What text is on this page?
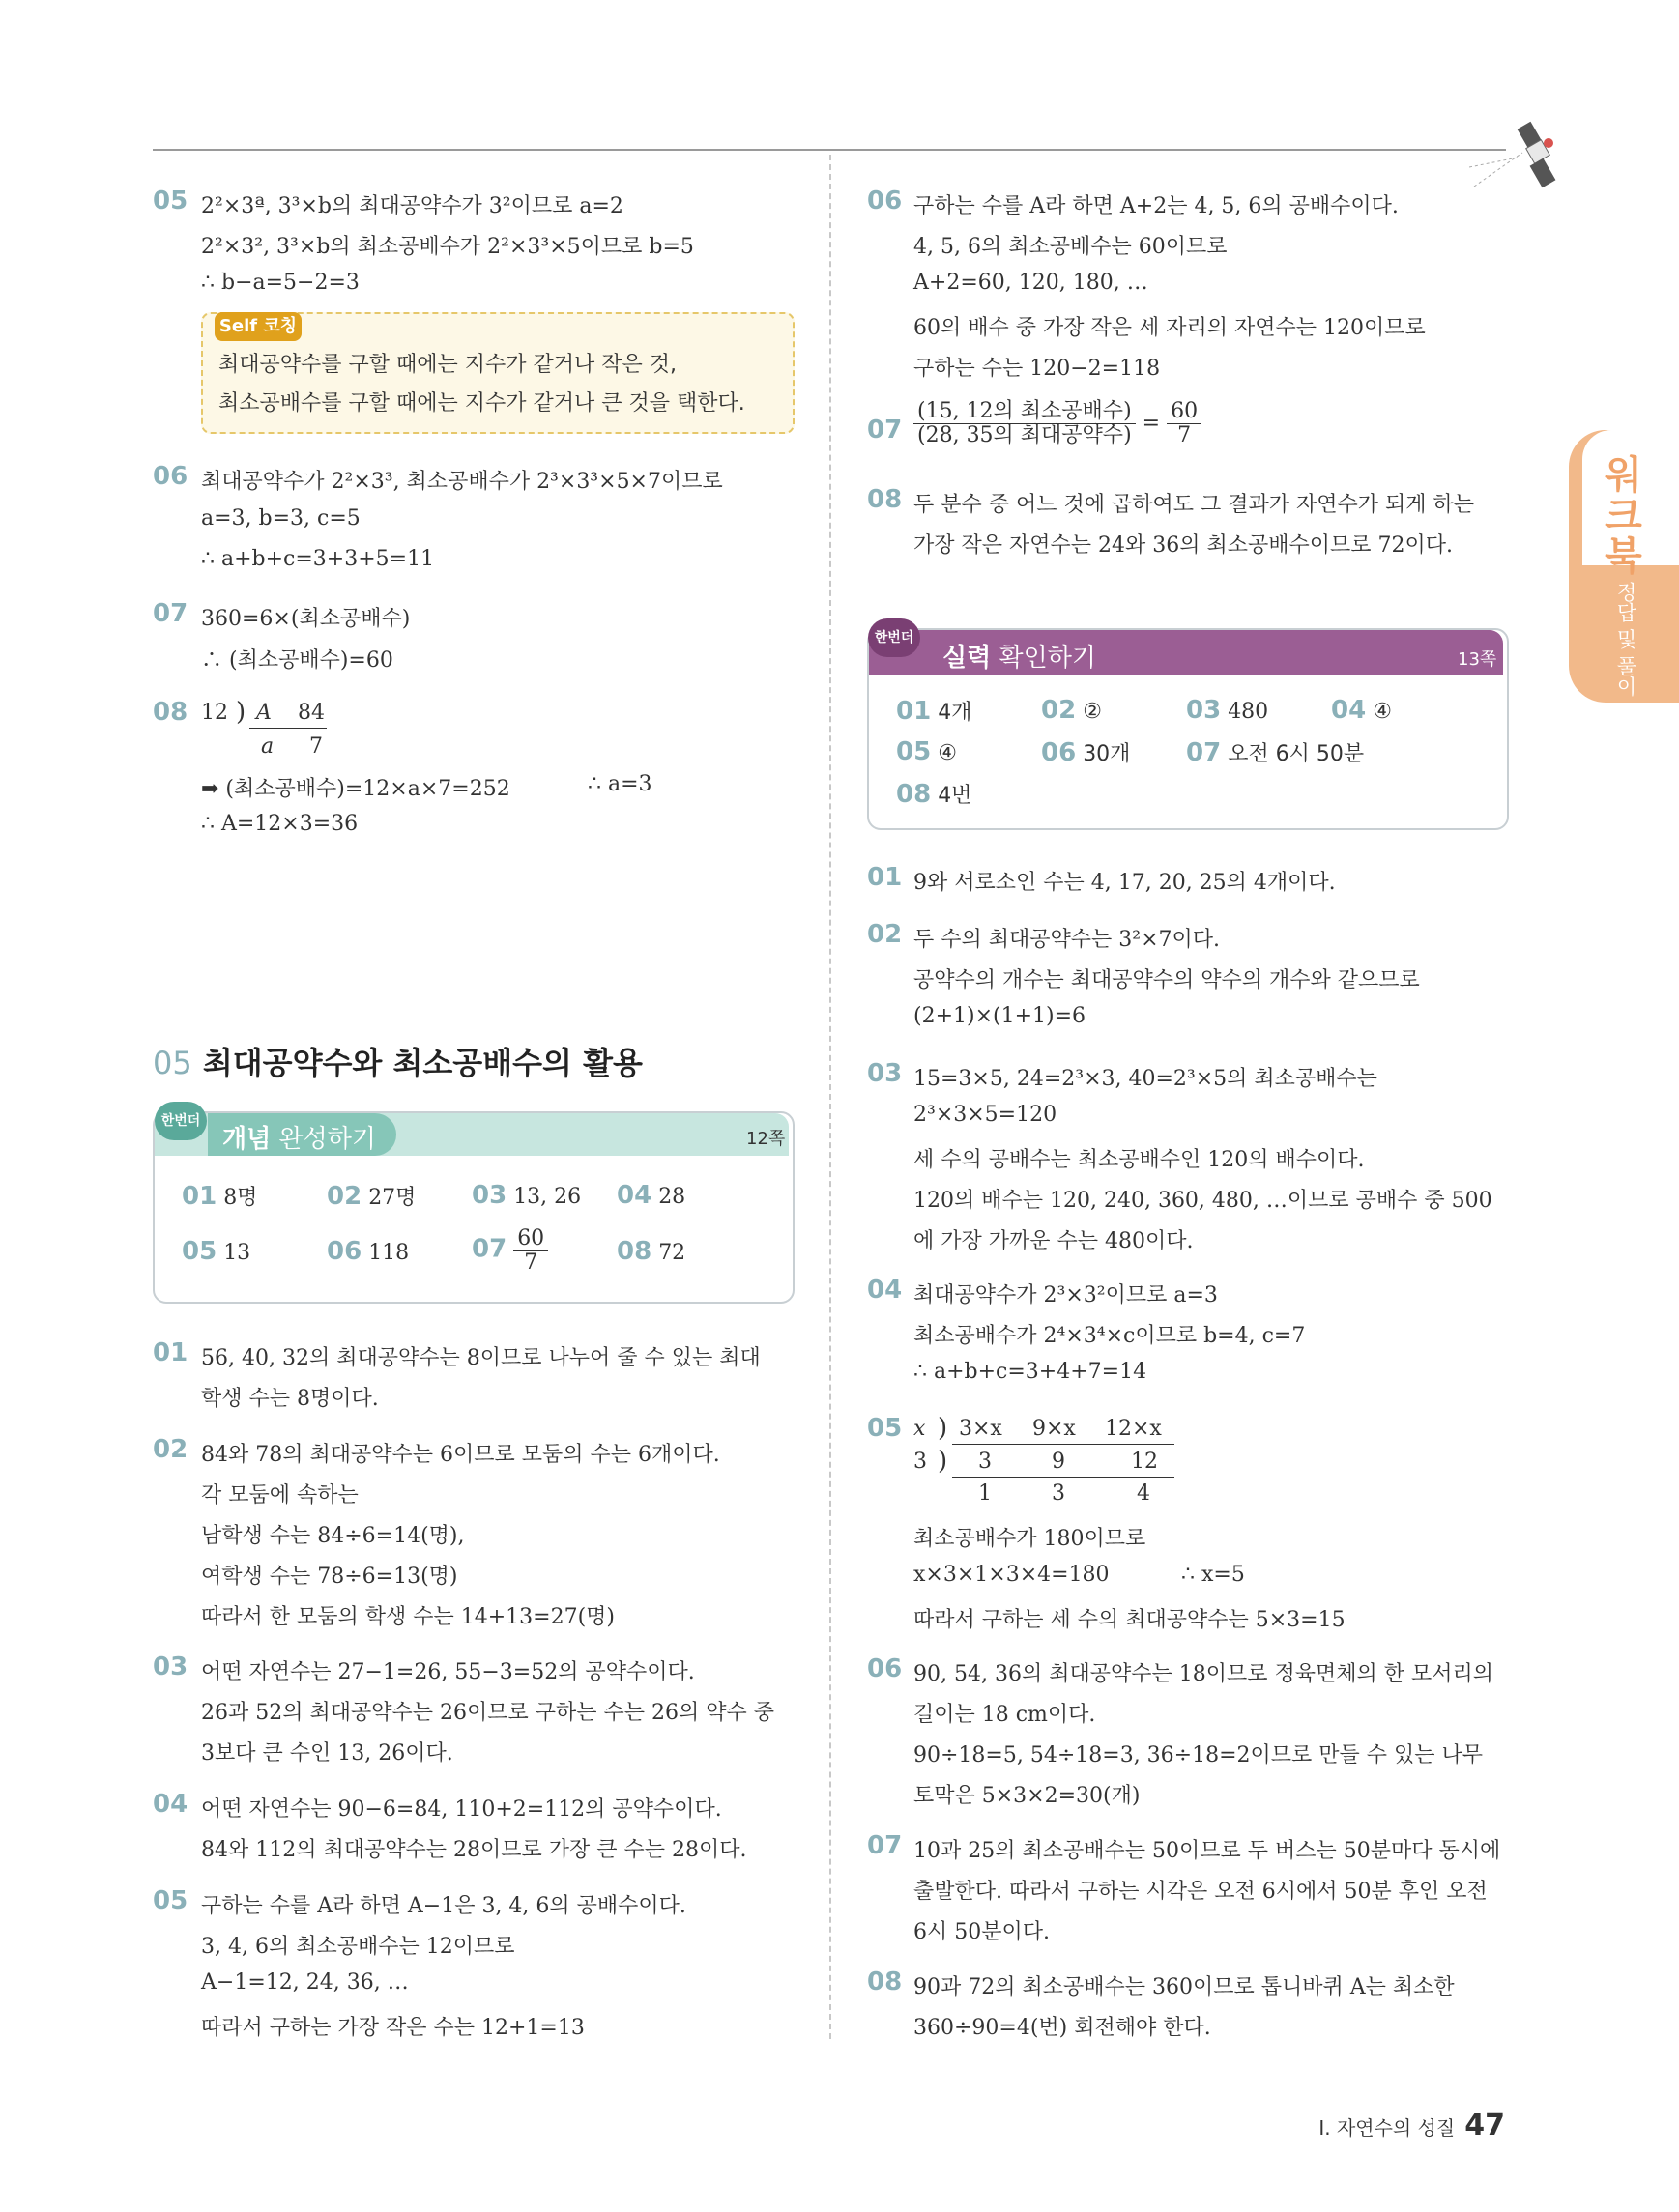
워크북
정답 및 풀이
05 2²×3ª, 3³×b의 최대공약수가 3²이므로 a=2
2²×3², 3³×b의 최소공배수가 2²×3³×5이므로 b=5
∴ b−a=5−2=3
Self 코칭
최대공약수를 구할 때에는 지수가 같거나 작은 것,
최소공배수를 구할 때에는 지수가 같거나 큰 것을 택한다.
06 최대공약수가 2²×3³, 최소공배수가 2³×3³×5×7이므로
a=3, b=3, c=5
∴ a+b+c=3+3+5=11
07 360=6×(최소공배수)
∴ (최소공배수)=60
08 12 ) A 84
a 7
➡ (최소공배수)=12×a×7=252	∴ a=3
∴ A=12×3=36
05 최대공약수와 최소공배수의 활용
한번더
개념 완성하기	12쪽
01 8명	02 27명 03 13, 26 04 28
05 13	06 118 $07 \frac{60}{7}$	08 72
01 56, 40, 32의 최대공약수는 8이므로 나누어 줄 수 있는 최대
학생 수는 8명이다.
02 84와 78의 최대공약수는 6이므로 모둠의 수는 6개이다.
각 모둠에 속하는
남학생 수는 84÷6=14(명),
여학생 수는 78÷6=13(명)
따라서 한 모둠의 학생 수는 14+13=27(명)
03 어떤 자연수는 27−1=26, 55−3=52의 공약수이다.
26과 52의 최대공약수는 26이므로 구하는 수는 26의 약수 중
3보다 큰 수인 13, 26이다.
04 어떤 자연수는 90−6=84, 110+2=112의 공약수이다.
84와 112의 최대공약수는 28이므로 가장 큰 수는 28이다.
05 구하는 수를 A라 하면 A−1은 3, 4, 6의 공배수이다.
3, 4, 6의 최소공배수는 12이므로
A−1=12, 24, 36, …
따라서 구하는 가장 작은 수는 12+1=13
06 구하는 수를 A라 하면 A+2는 4, 5, 6의 공배수이다.
4, 5, 6의 최소공배수는 60이므로
A+2=60, 120, 180, …
60의 배수 중 가장 작은 세 자리의 자연수는 120이므로
구하는 수는 120−2=118
$07 \frac{\text{(15, 12의 최소공배수)}}{\text{(28, 35의 최대공약수)}} = \frac{60}{7}$
08 두 분수 중 어느 것에 곱하여도 그 결과가 자연수가 되게 하는
가장 작은 자연수는 24와 36의 최소공배수이므로 72이다.
한번더
실력 확인하기	13쪽
01 4개	02 ②	03 480 04 ④
05 ④	06 30개 07 오전 6시 50분
08 4번
01 9와 서로소인 수는 4, 17, 20, 25의 4개이다.
02 두 수의 최대공약수는 3²×7이다.
공약수의 개수는 최대공약수의 약수의 개수와 같으므로
(2+1)×(1+1)=6
03 15=3×5, 24=2³×3, 40=2³×5의 최소공배수는
2³×3×5=120
세 수의 공배수는 최소공배수인 120의 배수이다.
120의 배수는 120, 240, 360, 480, …이므로 공배수 중 500
에 가장 가까운 수는 480이다.
04 최대공약수가 2³×3²이므로 a=3
최소공배수가 2⁴×3⁴×c이므로 b=4, c=7
∴ a+b+c=3+4+7=14
05 x ) 3×x 9×x 12×x
3 ) 3	9	12
1	3	4
최소공배수가 180이므로
x×3×1×3×4=180	∴ x=5
따라서 구하는 세 수의 최대공약수는 5×3=15
06 90, 54, 36의 최대공약수는 18이므로 정육면체의 한 모서리의
길이는 18 cm이다.
90÷18=5, 54÷18=3, 36÷18=2이므로 만들 수 있는 나무
토막은 5×3×2=30(개)
07 10과 25의 최소공배수는 50이므로 두 버스는 50분마다 동시에
출발한다. 따라서 구하는 시각은 오전 6시에서 50분 후인 오전
6시 50분이다.
08 90과 72의 최소공배수는 360이므로 톱니바퀴 A는 최소한
360÷90=4(번) 회전해야 한다.
Ⅰ. 자연수의 성질 47
